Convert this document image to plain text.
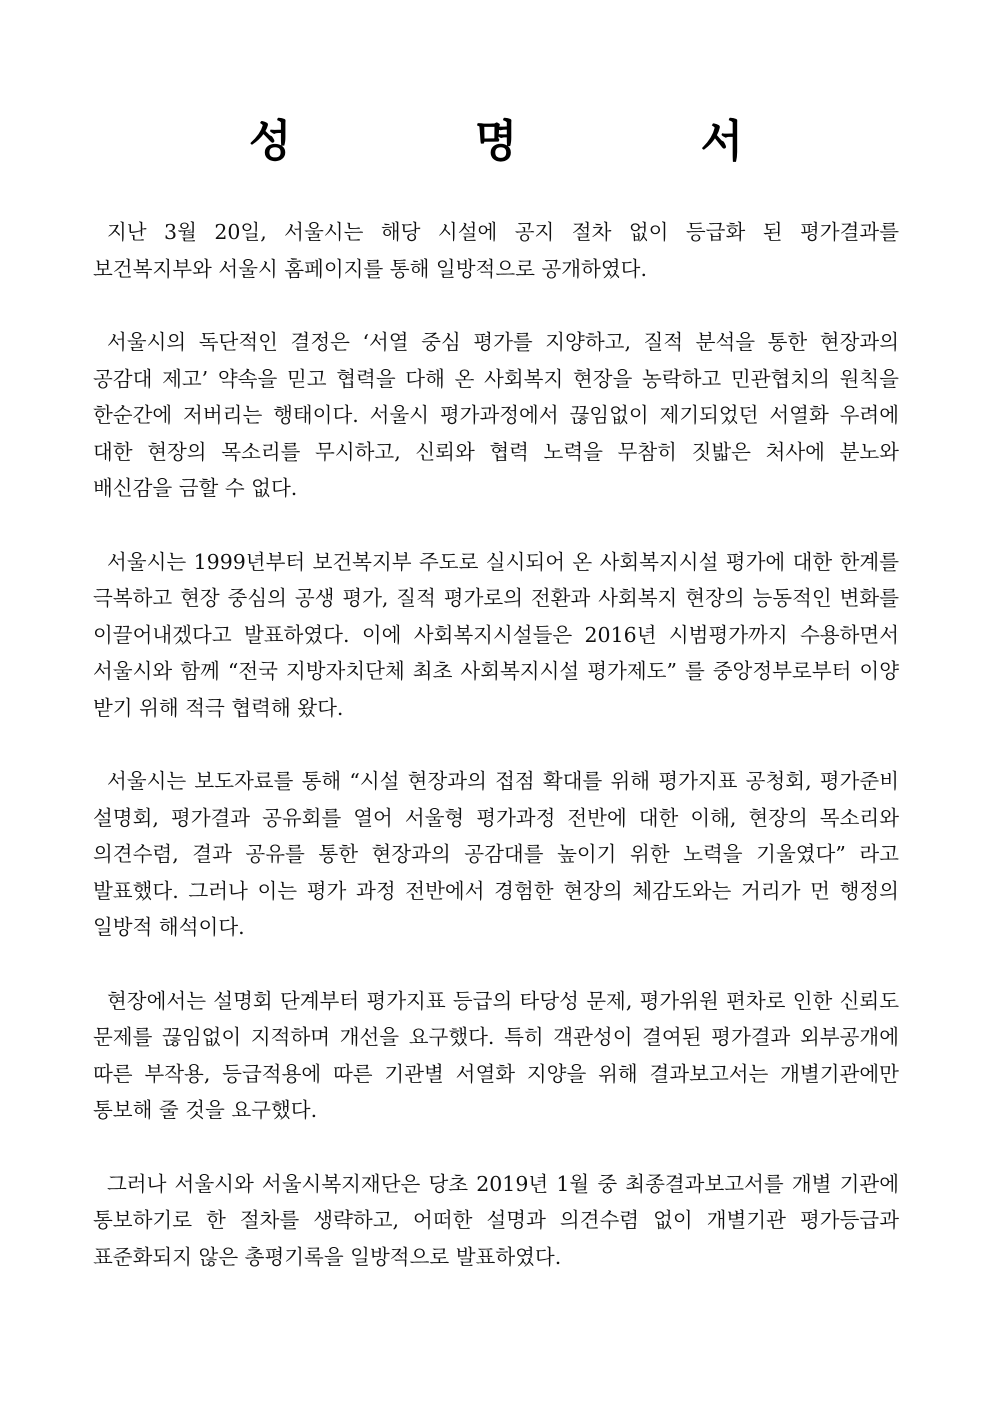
성 명 서

지난 3월 20일, 서울시는 해당 시설에 공지 절차 없이 등급화 된 평가결과를 보건복지부와 서울시 홈페이지를 통해 일방적으로 공개하였다.

서울시의 독단적인 결정은 ‘서열 중심 평가를 지양하고, 질적 분석을 통한 현장과의 공감대 제고’ 약속을 믿고 협력을 다해 온 사회복지 현장을 농락하고 민관협치의 원칙을 한순간에 저버리는 행태이다. 서울시 평가과정에서 끊임없이 제기되었던 서열화 우려에 대한 현장의 목소리를 무시하고, 신뢰와 협력 노력을 무참히 짓밟은 처사에 분노와 배신감을 금할 수 없다.

서울시는 1999년부터 보건복지부 주도로 실시되어 온 사회복지시설 평가에 대한 한계를 극복하고 현장 중심의 공생 평가, 질적 평가로의 전환과 사회복지 현장의 능동적인 변화를 이끌어내겠다고 발표하였다. 이에 사회복지시설들은 2016년 시범평가까지 수용하면서 서울시와 함께 “전국 지방자치단체 최초 사회복지시설 평가제도” 를 중앙정부로부터 이양 받기 위해 적극 협력해 왔다.

서울시는 보도자료를 통해 “시설 현장과의 접점 확대를 위해 평가지표 공청회, 평가준비 설명회, 평가결과 공유회를 열어 서울형 평가과정 전반에 대한 이해, 현장의 목소리와 의견수렴, 결과 공유를 통한 현장과의 공감대를 높이기 위한 노력을 기울였다” 라고 발표했다. 그러나 이는 평가 과정 전반에서 경험한 현장의 체감도와는 거리가 먼 행정의 일방적 해석이다.

현장에서는 설명회 단계부터 평가지표 등급의 타당성 문제, 평가위원 편차로 인한 신뢰도 문제를 끊임없이 지적하며 개선을 요구했다. 특히 객관성이 결여된 평가결과 외부공개에 따른 부작용, 등급적용에 따른 기관별 서열화 지양을 위해 결과보고서는 개별기관에만 통보해 줄 것을 요구했다.

그러나 서울시와 서울시복지재단은 당초 2019년 1월 중 최종결과보고서를 개별 기관에 통보하기로 한 절차를 생략하고, 어떠한 설명과 의견수렴 없이 개별기관 평가등급과 표준화되지 않은 총평기록을 일방적으로 발표하였다.
